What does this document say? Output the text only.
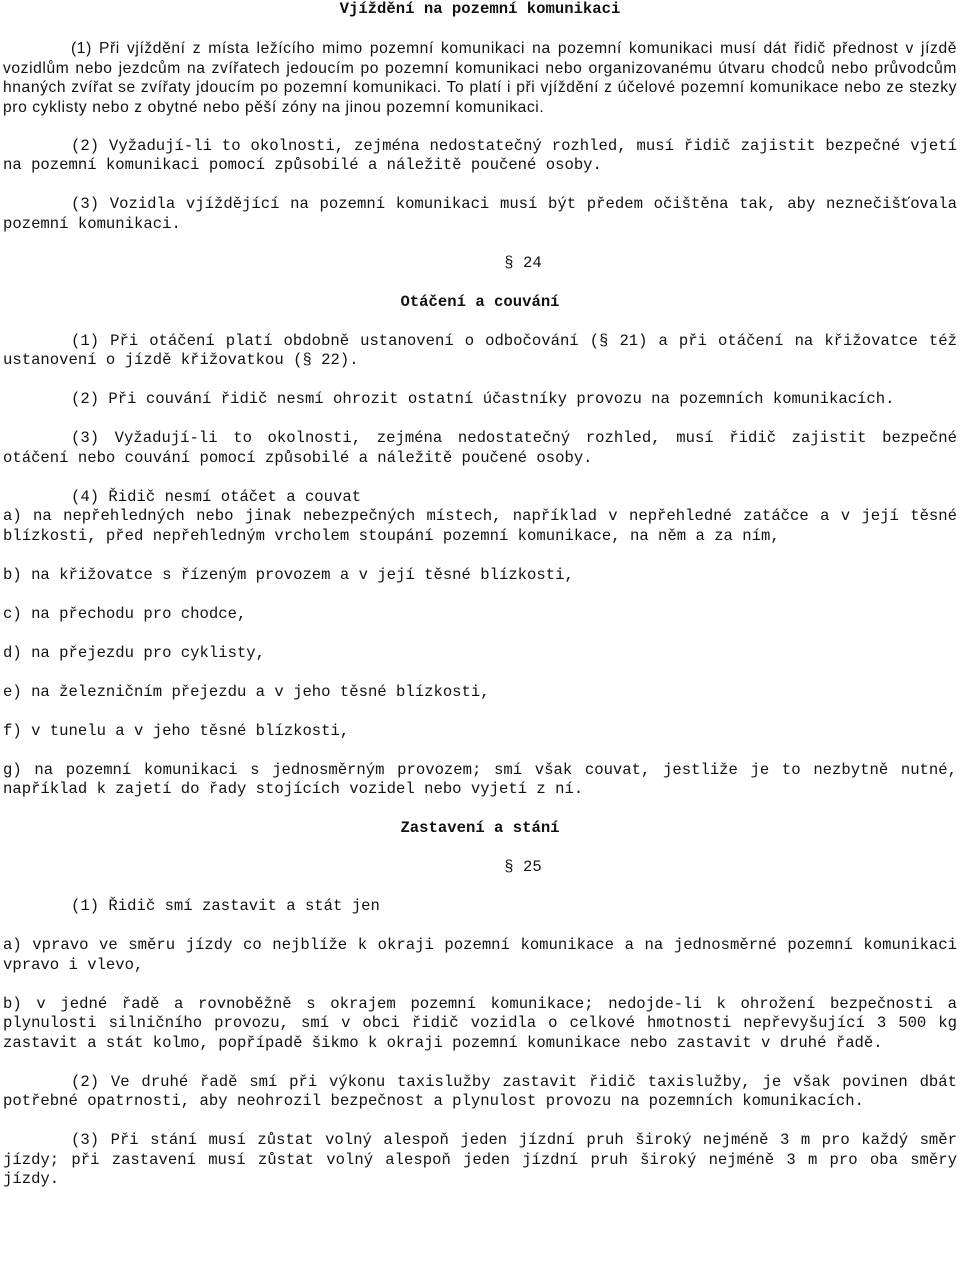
Vjíždění na pozemní komunikaci

(1) Při vjíždění z místa ležícího mimo pozemní komunikaci na pozemní komunikaci musí dát řidič přednost v jízdě vozidlům nebo jezdcům na zvířatech jedoucím po pozemní komunikaci nebo organizovanému útvaru chodců nebo průvodcům hnaných zvířat se zvířaty jdoucím po pozemní komunikaci. To platí i při vjíždění z účelové pozemní komunikace nebo ze stezky pro cyklisty nebo z obytné nebo pěší zóny na jinou pozemní komunikaci.

(2) Vyžadují-li to okolnosti, zejména nedostatečný rozhled, musí řidič zajistit bezpečné vjetí na pozemní komunikaci pomocí způsobilé a náležitě poučené osoby.

(3) Vozidla vjíždějící na pozemní komunikaci musí být předem očištěna tak, aby neznečišťovala pozemní komunikaci.

§ 24
Otáčení a couvání

(1) Při otáčení platí obdobně ustanovení o odbočování (§ 21) a při otáčení na křižovatce též ustanovení o jízdě křižovatkou (§ 22).

(2) Při couvání řidič nesmí ohrozit ostatní účastníky provozu na pozemních komunikacích.

(3) Vyžadují-li to okolnosti, zejména nedostatečný rozhled, musí řidič zajistit bezpečné otáčení nebo couvání pomocí způsobilé a náležitě poučené osoby.

(4) Řidič nesmí otáčet a couvat

a) na nepřehledných nebo jinak nebezpečných místech, například v nepřehledné zatáčce a v její těsné blízkosti, před nepřehledným vrcholem stoupání pozemní komunikace, na něm a za ním,

b) na křižovatce s řízeným provozem a v její těsné blízkosti,

c) na přechodu pro chodce,

d) na přejezdu pro cyklisty,

e) na železničním přejezdu a v jeho těsné blízkosti,

f) v tunelu a v jeho těsné blízkosti,

g) na pozemní komunikaci s jednosměrným provozem; smí však couvat, jestliže je to nezbytně nutné, například k zajetí do řady stojících vozidel nebo vyjetí z ní.

Zastavení a stání
§ 25

(1) Řidič smí zastavit a stát jen

a) vpravo ve směru jízdy co nejblíže k okraji pozemní komunikace a na jednosměrné pozemní komunikaci vpravo i vlevo,

b) v jedné řadě a rovnoběžně s okrajem pozemní komunikace; nedojde-li k ohrožení bezpečnosti a plynulosti silničního provozu, smí v obci řidič vozidla o celkové hmotnosti nepřevyšující 3 500 kg zastavit a stát kolmo, popřípadě šikmo k okraji pozemní komunikace nebo zastavit v druhé řadě.

(2) Ve druhé řadě smí při výkonu taxislužby zastavit řidič taxislužby, je však povinen dbát potřebné opatrnosti, aby neohrozil bezpečnost a plynulost provozu na pozemních komunikacích.

(3) Při stání musí zůstat volný alespoň jeden jízdní pruh široký nejméně 3 m pro každý směr jízdy; při zastavení musí zůstat volný alespoň jeden jízdní pruh široký nejméně 3 m pro oba směry jízdy.
